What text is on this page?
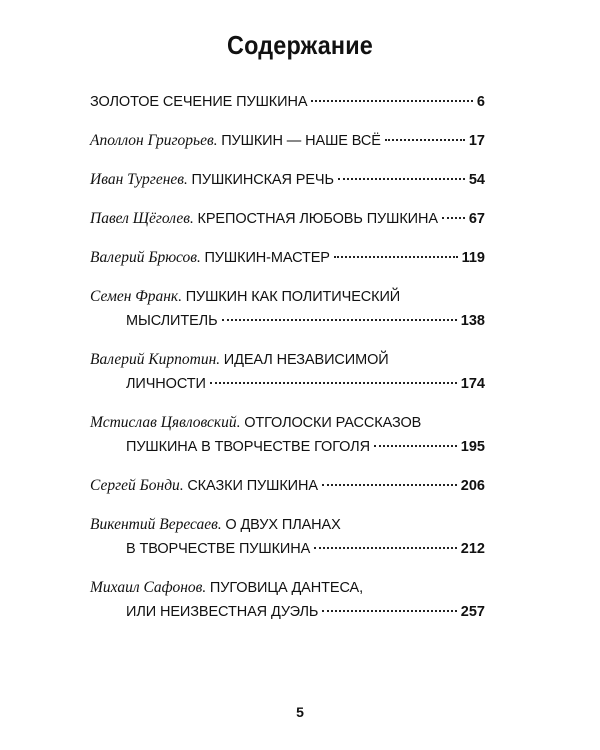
Содержание
ЗОЛОТОЕ СЕЧЕНИЕ ПУШКИНА	6
Аполлон Григорьев . ПУШКИН — НАШЕ ВСЁ	17
Иван Тургенев . ПУШКИНСКАЯ РЕЧЬ	54
Павел Щёголев . КРЕПОСТНАЯ ЛЮБОВЬ ПУШКИНА 67
Валерий Брюсов . ПУШКИН-МАСТЕР	119
Семен Франк . ПУШКИН КАК ПОЛИТИЧЕСКИЙ
МЫСЛИТЕЛЬ	138
Валерий Кирпотин . ИДЕАЛ НЕЗАВИСИМОЙ
ЛИЧНОСТИ	174
Мстислав Цявловский . ОТГОЛОСКИ РАССКАЗОВ
ПУШКИНА В ТВОРЧЕСТВЕ ГОГОЛЯ	195
Сергей Бонди . СКАЗКИ ПУШКИНА	206
Викентий Вересаев . О ДВУХ ПЛАНАХ
В ТВОРЧЕСТВЕ ПУШКИНА	212
Михаил Сафонов . ПУГОВИЦА ДАНТЕСА,
ИЛИ НЕИЗВЕСТНАЯ ДУЭЛЬ	257
5
